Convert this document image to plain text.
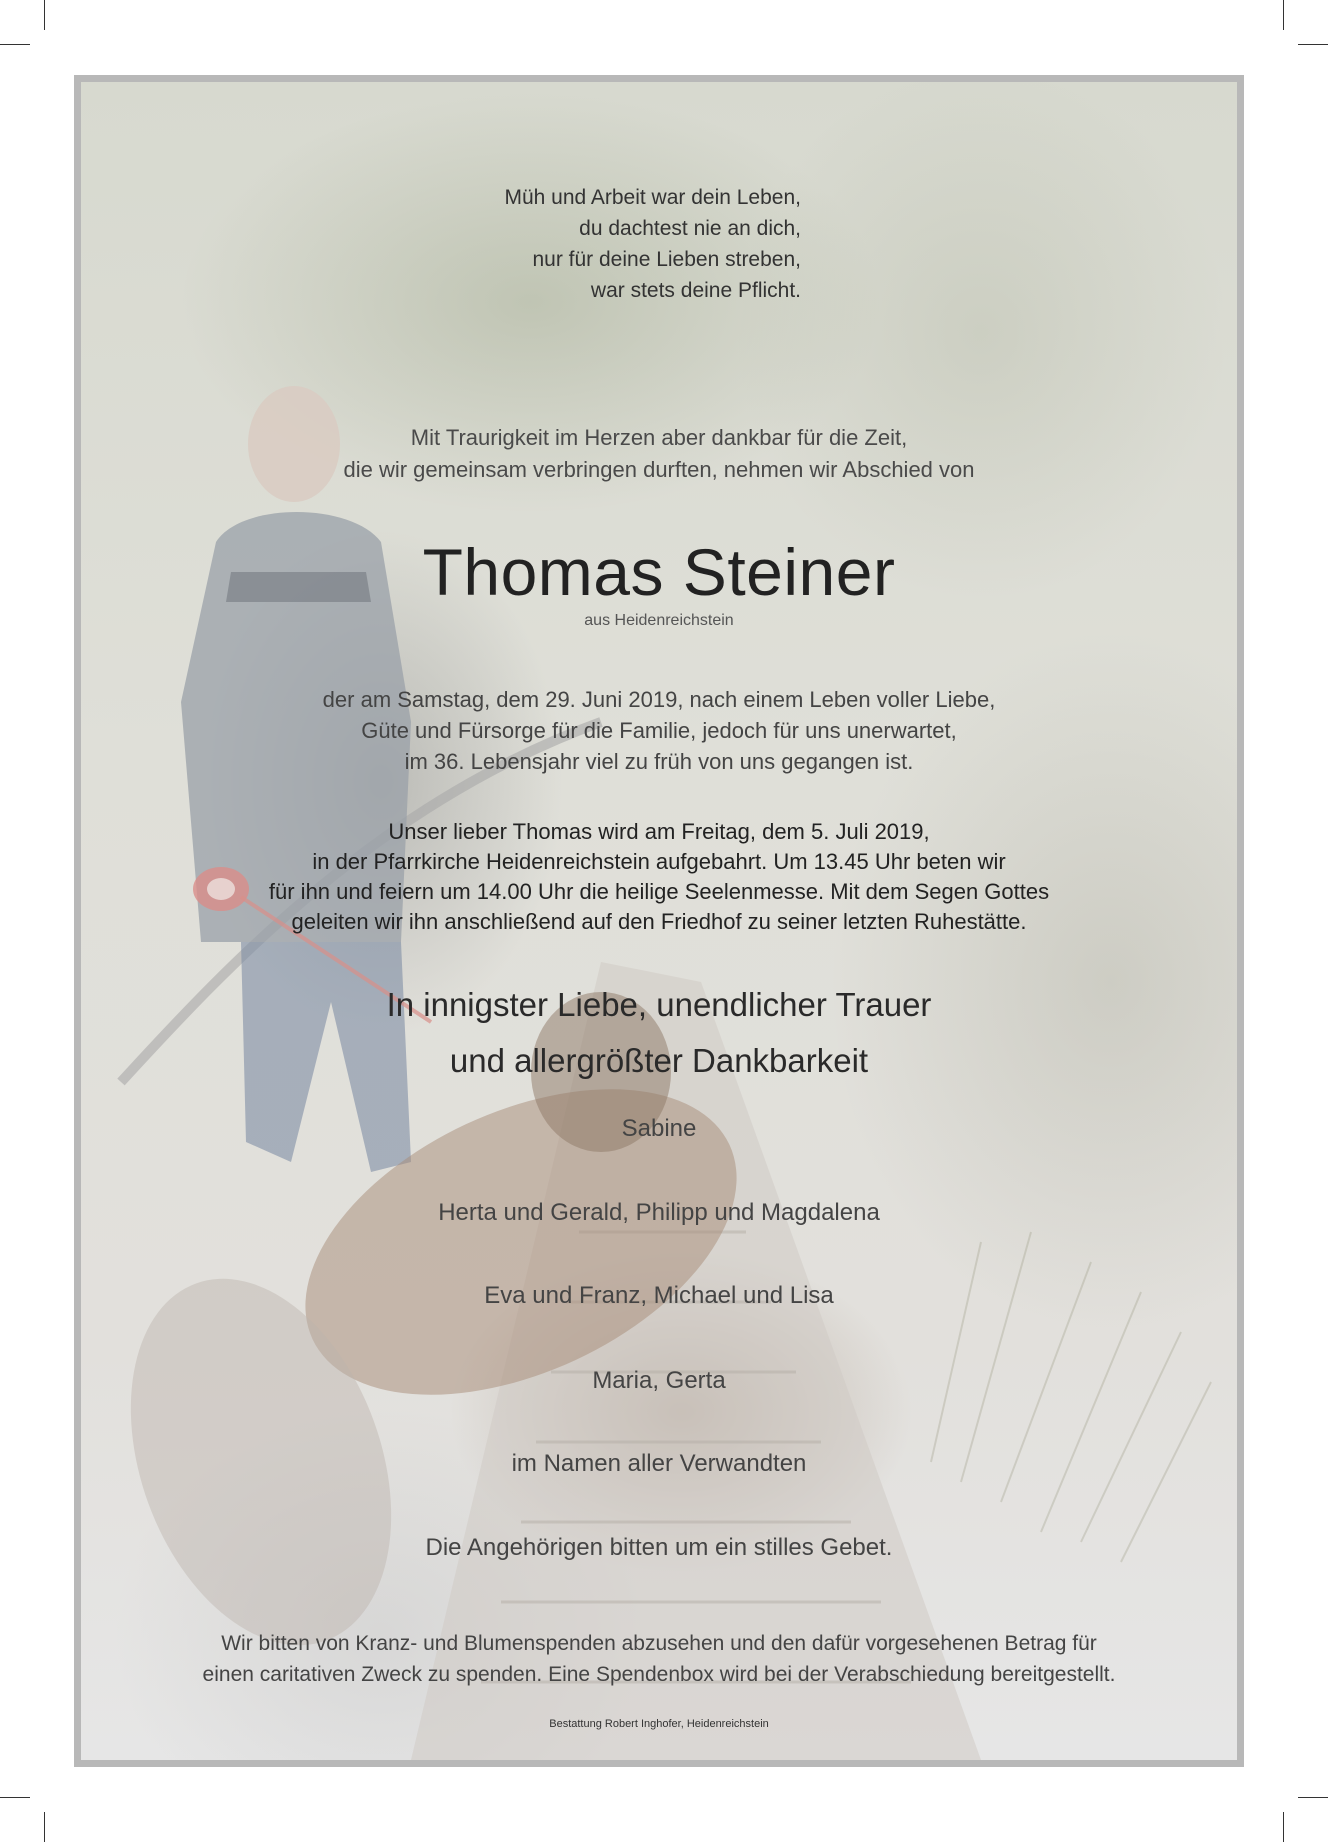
Müh und Arbeit war dein Leben,
du dachtest nie an dich,
nur für deine Lieben streben,
war stets deine Pflicht.
Mit Traurigkeit im Herzen aber dankbar für die Zeit,
die wir gemeinsam verbringen durften, nehmen wir Abschied von
Thomas Steiner
aus Heidenreichstein
der am Samstag, dem 29. Juni 2019, nach einem Leben voller Liebe,
Güte und Fürsorge für die Familie, jedoch für uns unerwartet,
im 36. Lebensjahr viel zu früh von uns gegangen ist.
Unser lieber Thomas wird am Freitag, dem 5. Juli 2019,
in der Pfarrkirche Heidenreichstein aufgebahrt. Um 13.45 Uhr beten wir
für ihn und feiern um 14.00 Uhr die heilige Seelenmesse. Mit dem Segen Gottes
geleiten wir ihn anschließend auf den Friedhof zu seiner letzten Ruhestätte.
In innigster Liebe, unendlicher Trauer
und allergrößter Dankbarkeit
Sabine
Herta und Gerald, Philipp und Magdalena
Eva und Franz, Michael und Lisa
Maria, Gerta
im Namen aller Verwandten
Die Angehörigen bitten um ein stilles Gebet.
Wir bitten von Kranz- und Blumenspenden abzusehen und den dafür vorgesehenen Betrag für
einen caritativen Zweck zu spenden. Eine Spendenbox wird bei der Verabschiedung bereitgestellt.
Bestattung Robert Inghofer, Heidenreichstein
